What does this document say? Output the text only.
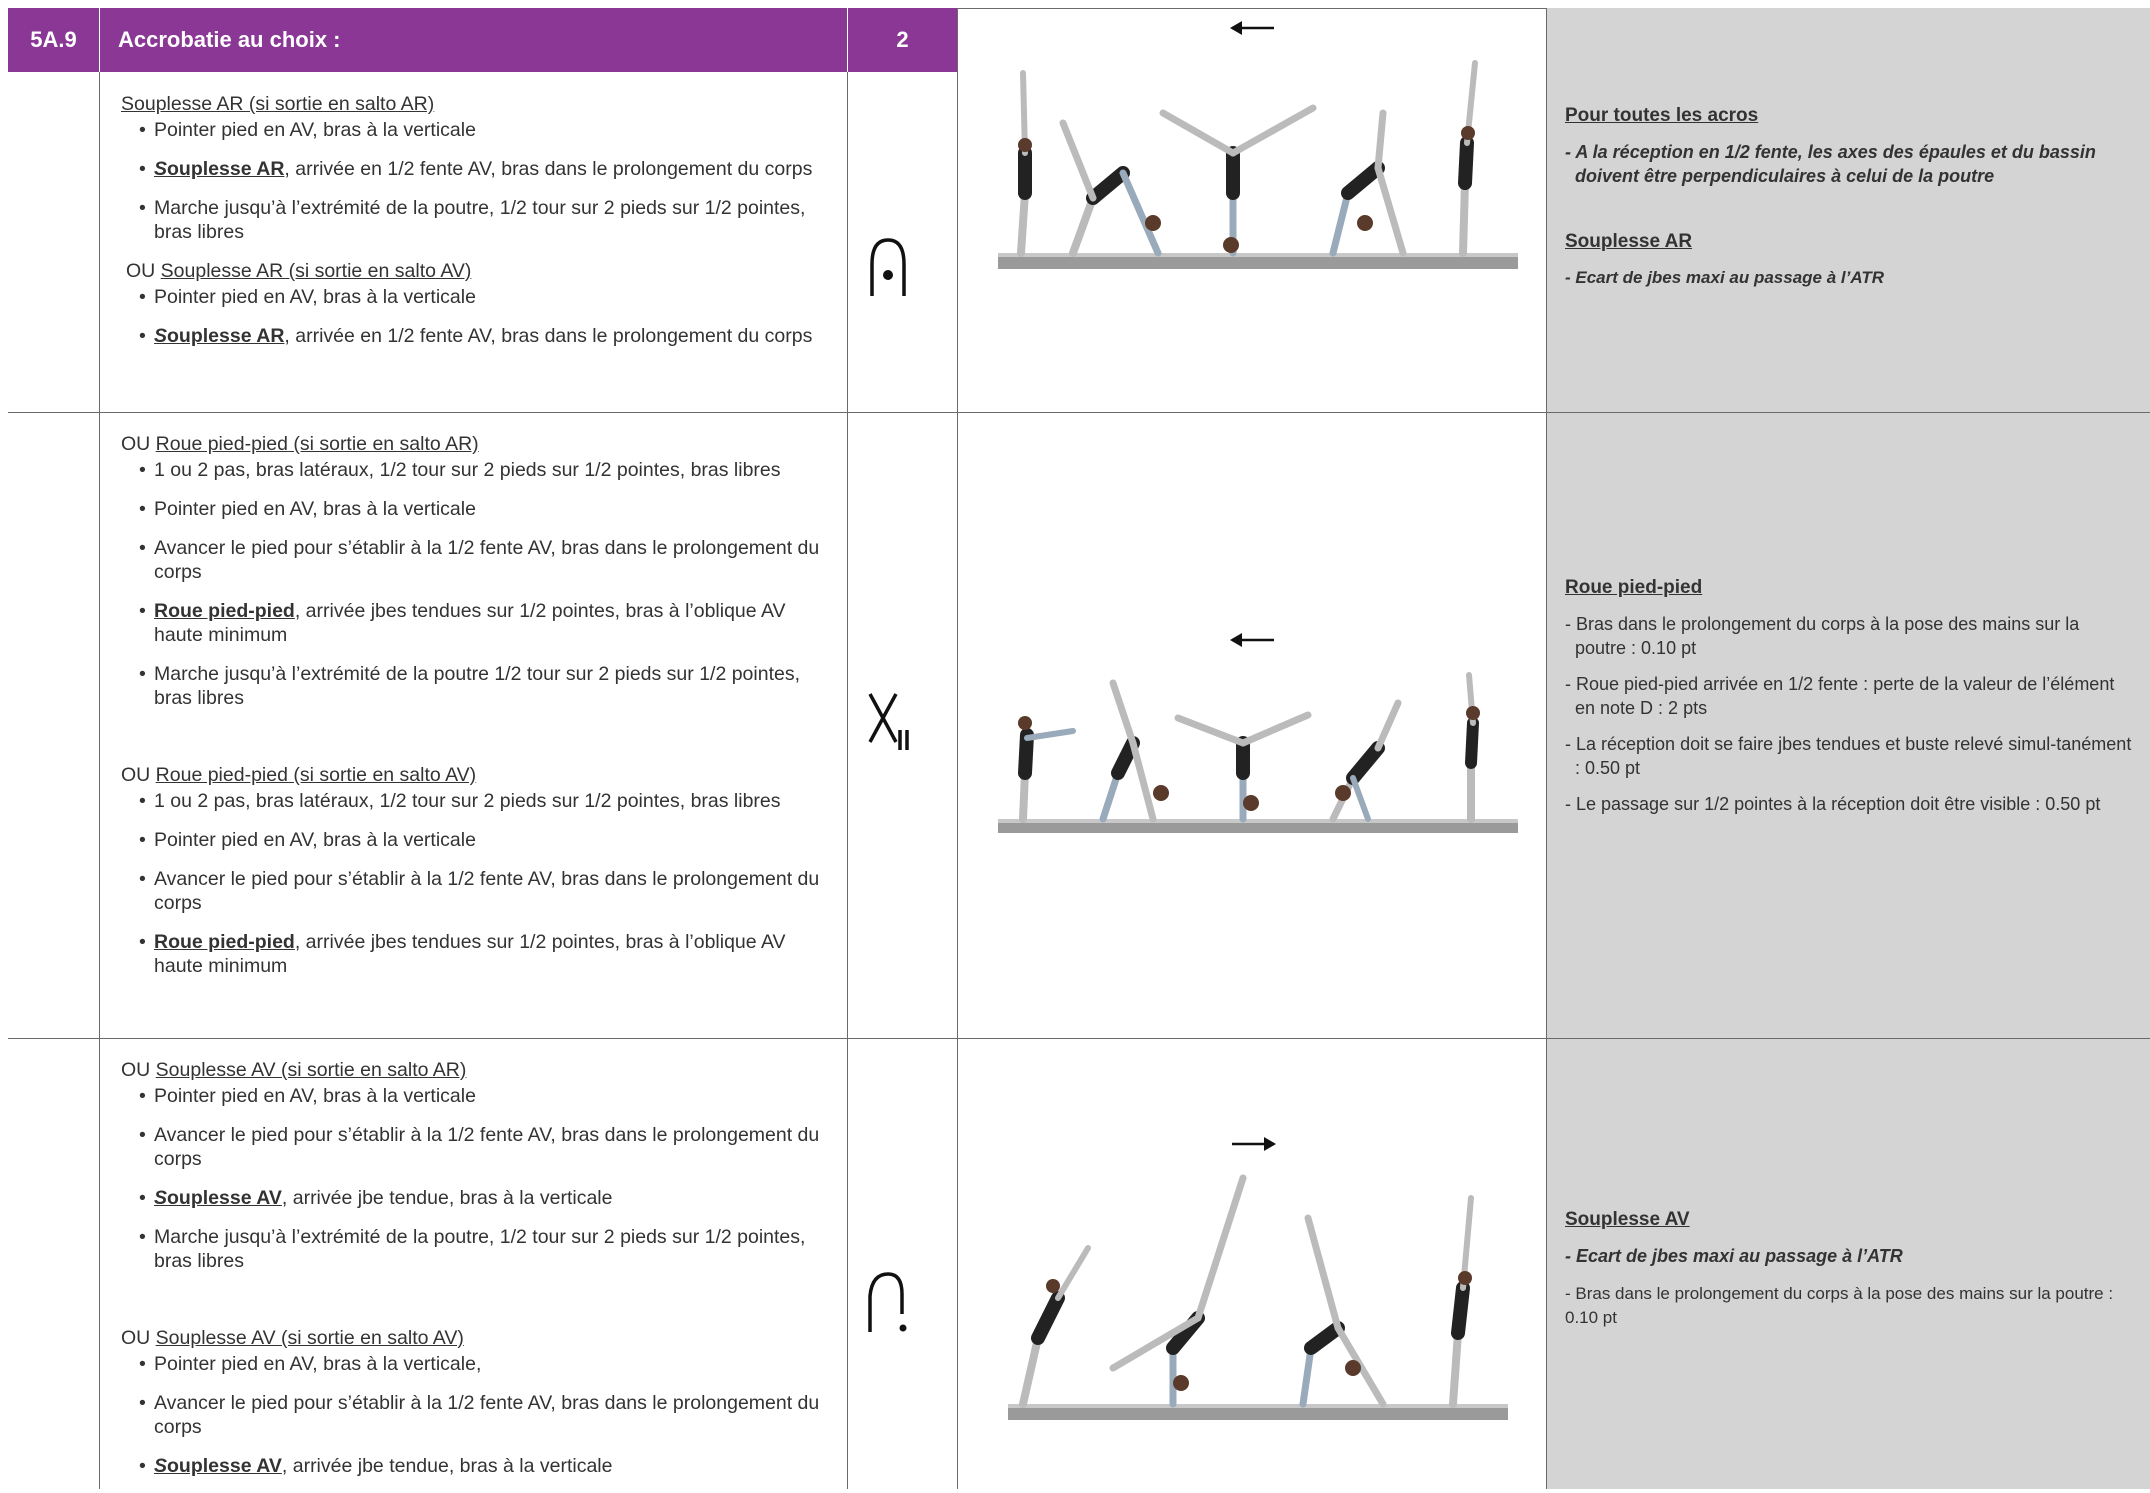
5A.9 Accrobatie au choix :	2
Souplesse AR (si sortie en salto AR)
• Pointer pied en AV, bras à la verticale
• Souplesse AR, arrivée en 1/2 fente AV, bras dans le prolongement du corps
• Marche jusqu’à l’extrémité de la poutre, 1/2 tour sur 2 pieds sur 1/2 pointes, bras libres
OU Souplesse AR (si sortie en salto AV)
• Pointer pied en AV, bras à la verticale
• Souplesse AR, arrivée en 1/2 fente AV, bras dans le prolongement du corps
OU Roue pied-pied (si sortie en salto AR)
• 1 ou 2 pas, bras latéraux, 1/2 tour sur 2 pieds sur 1/2 pointes, bras libres
• Pointer pied en AV, bras à la verticale
• Avancer le pied pour s’établir à la 1/2 fente AV, bras dans le prolongement du corps
• Roue pied-pied, arrivée jbes tendues sur 1/2 pointes, bras à l’oblique AV haute minimum
• Marche jusqu’à l’extrémité de la poutre 1/2 tour sur 2 pieds sur 1/2 pointes, bras libres
OU Roue pied-pied (si sortie en salto AV)
• 1 ou 2 pas, bras latéraux, 1/2 tour sur 2 pieds sur 1/2 pointes, bras libres
• Pointer pied en AV, bras à la verticale
• Avancer le pied pour s’établir à la 1/2 fente AV, bras dans le prolongement du corps
• Roue pied-pied, arrivée jbes tendues sur 1/2 pointes, bras à l’oblique AV haute minimum
OU Souplesse AV (si sortie en salto AR)
• Pointer pied en AV, bras à la verticale
• Avancer le pied pour s’établir à la 1/2 fente AV, bras dans le prolongement du corps
• Souplesse AV, arrivée jbe tendue, bras à la verticale
• Marche jusqu’à l’extrémité de la poutre, 1/2 tour sur 2 pieds sur 1/2 pointes, bras libres
OU Souplesse AV (si sortie en salto AV)
• Pointer pied en AV, bras à la verticale,
• Avancer le pied pour s’établir à la 1/2 fente AV, bras dans le prolongement du corps
• Souplesse AV, arrivée jbe tendue, bras à la verticale
Pour toutes les acros
- A la réception en 1/2 fente, les axes des épaules et du bassin doivent être perpendiculaires à celui de la poutre
Souplesse AR
- Ecart de jbes maxi au passage à l’ATR
Roue pied-pied

- Bras dans le prolongement du corps à la pose des mains sur la poutre : 0.10 pt

- Roue pied-pied arrivée en 1/2 fente : perte de la valeur de l’élément en note D : 2 pts

- La réception doit se faire jbes tendues et buste relevé simul-tanément : 0.50 pt

- Le passage sur 1/2 pointes à la réception doit être visible : 0.50 pt

Souplesse AV
- Ecart de jbes maxi au passage à l’ATR
- Bras dans le prolongement du corps à la pose des mains sur la poutre : 0.10 pt
